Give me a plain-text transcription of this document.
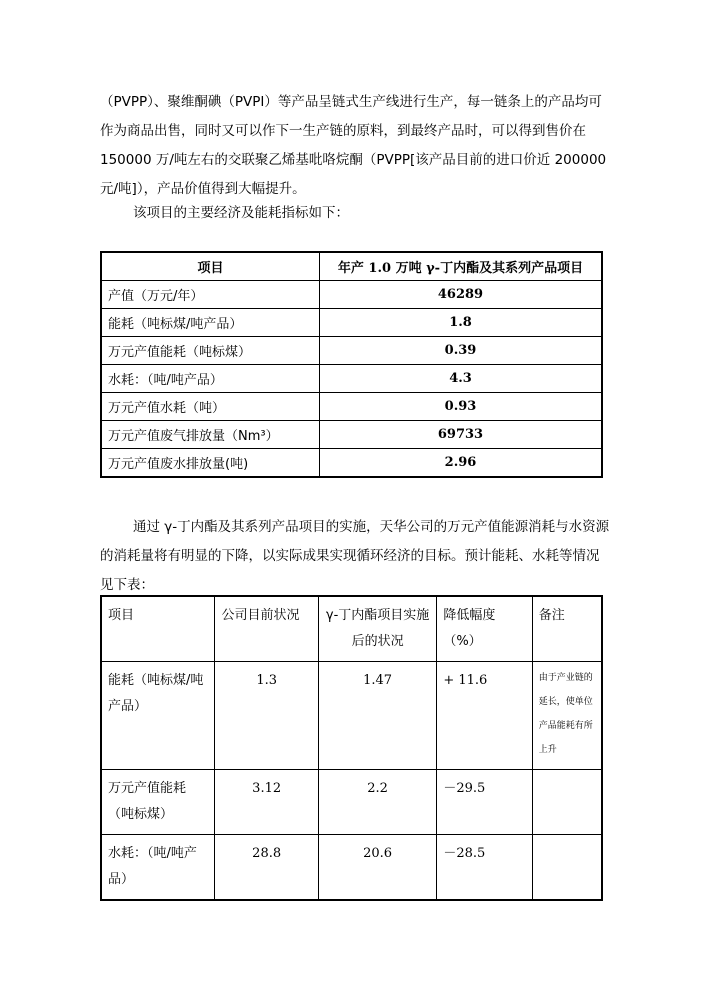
（PVPP）、聚维酮碘（PVPI）等产品呈链式生产线进行生产，每一链条上的产品均可作为商品出售，同时又可以作下一生产链的原料，到最终产品时，可以得到售价在 150000 万/吨左右的交联聚乙烯基吡咯烷酮（PVPP[该产品目前的进口价近 200000 元/吨]），产品价值得到大幅提升。

该项目的主要经济及能耗指标如下：

项目	年产 1.0 万吨 γ-丁内酯及其系列产品项目
产值（万元/年）	46289
能耗（吨标煤/吨产品）	1.8
万元产值能耗（吨标煤）	0.39
水耗：（吨/吨产品）	4.3
万元产值水耗（吨）	0.93
万元产值废气排放量（Nm³）	69733
万元产值废水排放量(吨)	2.96

通过 γ-丁内酯及其系列产品项目的实施，天华公司的万元产值能源消耗与水资源的消耗量将有明显的下降，以实际成果实现循环经济的目标。预计能耗、水耗等情况见下表：

项目	公司目前状况	γ-丁内酯项目实施后的状况	降低幅度（%）	备注
能耗（吨标煤/吨产品）	1.3	1.47	+ 11.6	由于产业链的延长，使单位产品能耗有所上升
万元产值能耗（吨标煤）	3.12	2.2	－29.5	
水耗：（吨/吨产品）	28.8	20.6	－28.5	
